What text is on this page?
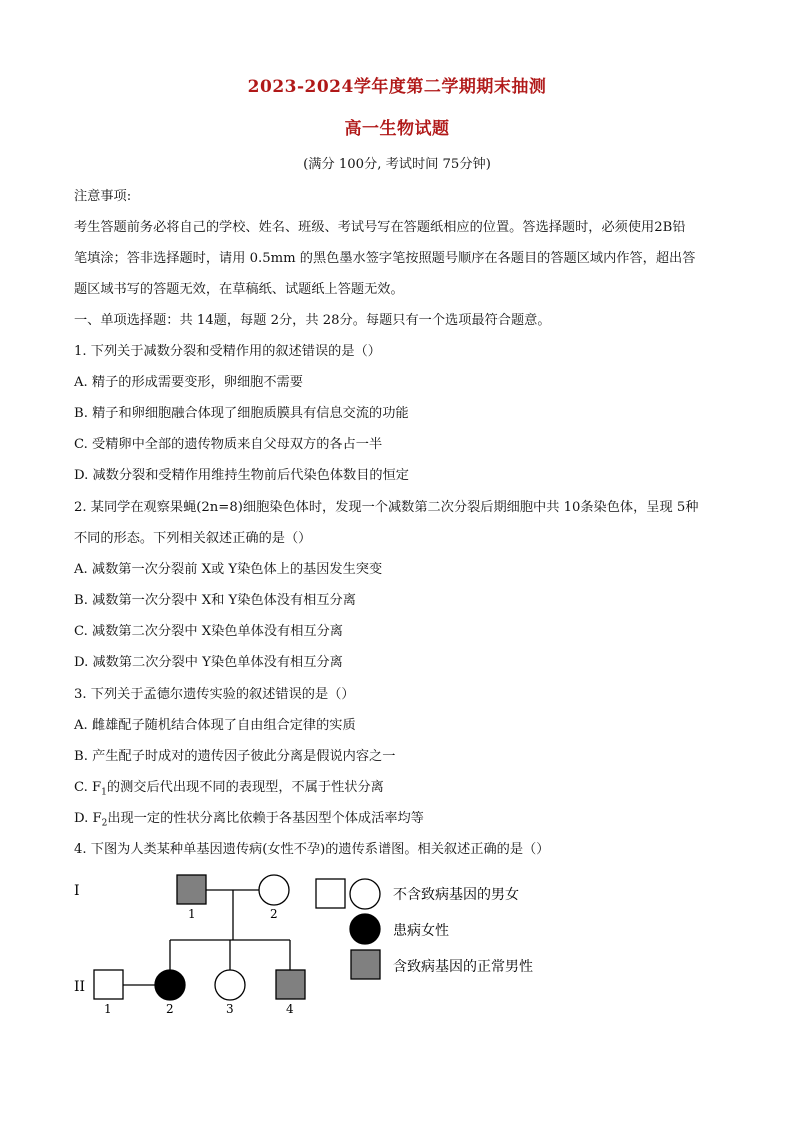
2023-2024学年度第二学期期末抽测
高一生物试题
(满分 100分, 考试时间 75分钟)
注意事项:
考生答题前务必将自己的学校、姓名、班级、考试号写在答题纸相应的位置。答选择题时，必须使用2B铅
笔填涂；答非选择题时，请用 0.5mm 的黑色墨水签字笔按照题号顺序在各题目的答题区域内作答，超出答
题区域书写的答题无效，在草稿纸、试题纸上答题无效。
一、单项选择题：共 14题，每题 2分，共 28分。每题只有一个选项最符合题意。
1. 下列关于减数分裂和受精作用的叙述错误的是（）
A. 精子的形成需要变形，卵细胞不需要
B. 精子和卵细胞融合体现了细胞质膜具有信息交流的功能
C. 受精卵中全部的遗传物质来自父母双方的各占一半
D. 减数分裂和受精作用维持生物前后代染色体数目的恒定
2. 某同学在观察果蝇(2n=8)细胞染色体时，发现一个减数第二次分裂后期细胞中共 10条染色体，呈现 5种
不同的形态。下列相关叙述正确的是（）
A. 减数第一次分裂前 X或 Y染色体上的基因发生突变
B. 减数第一次分裂中 X和 Y染色体没有相互分离
C. 减数第二次分裂中 X染色单体没有相互分离
D. 减数第二次分裂中 Y染色单体没有相互分离
3. 下列关于孟德尔遗传实验的叙述错误的是（）
A. 雌雄配子随机结合体现了自由组合定律的实质
B. 产生配子时成对的遗传因子彼此分离是假说内容之一
C. $F_1$的测交后代出现不同的表现型，不属于性状分离
D. $F_2$出现一定的性状分离比依赖于各基因型个体成活率均等
4. 下图为人类某种单基因遗传病(女性不孕)的遗传系谱图。相关叙述正确的是（）
I
II
1	2
1	2	3	4
不含致病基因的男女
患病女性
含致病基因的正常男性
